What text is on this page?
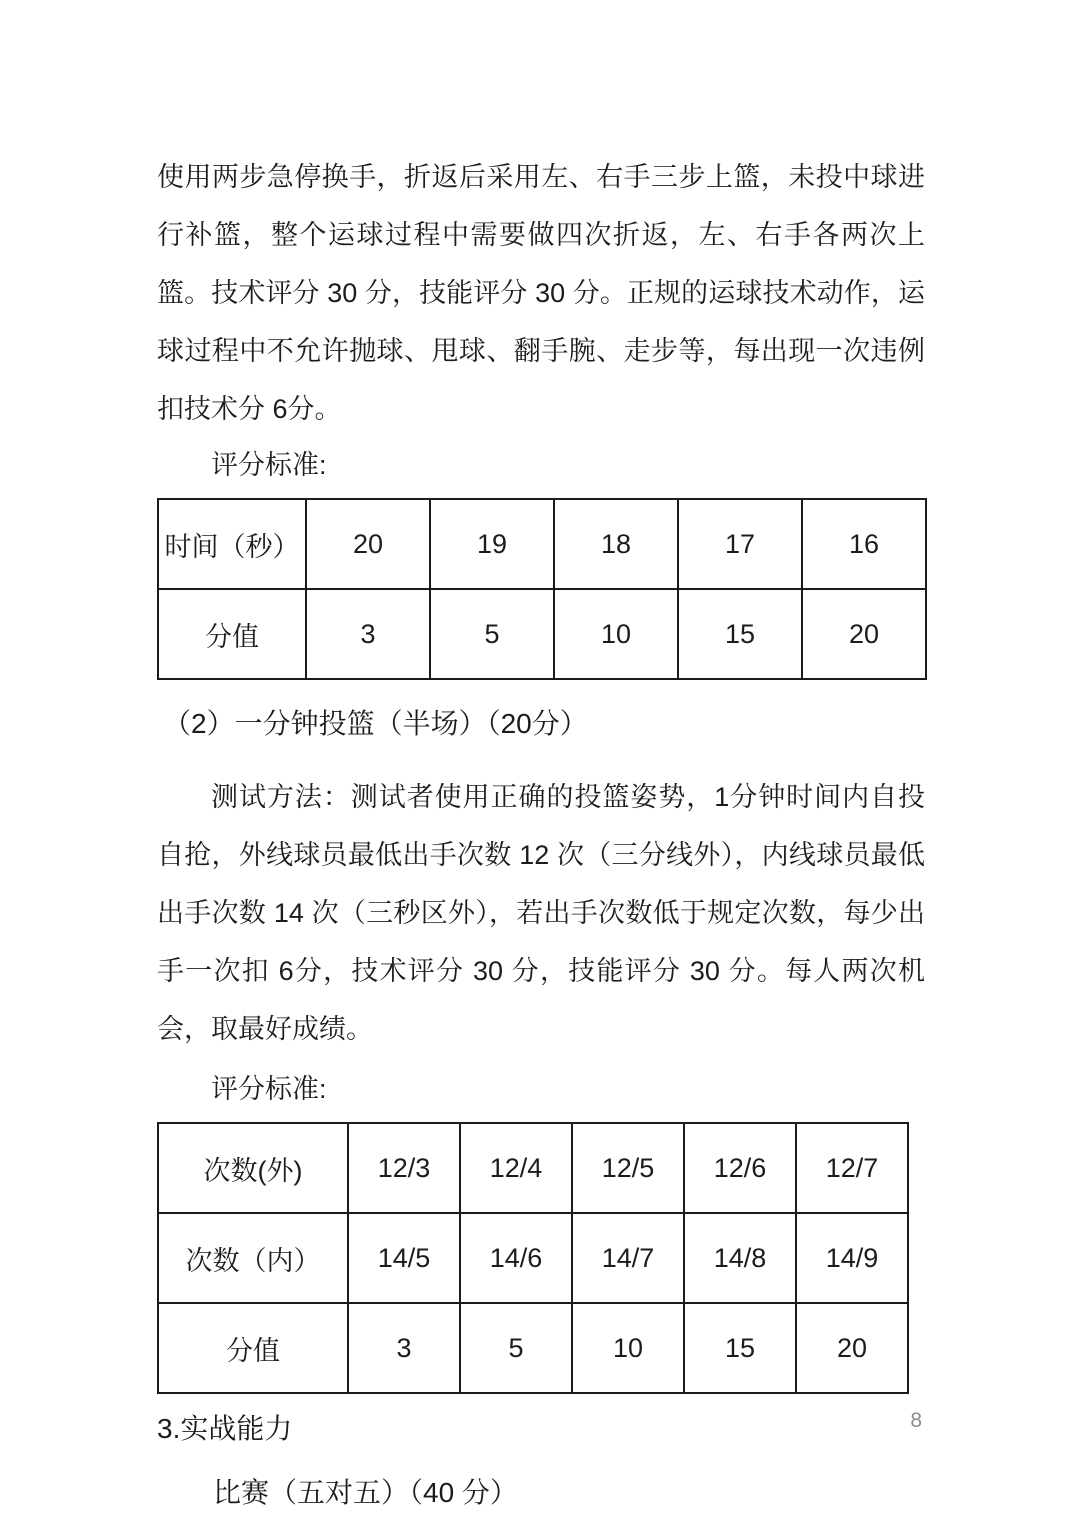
使用两步急停换手，折返后采用左、右手三步上篮，未投中球进行补篮，整个运球过程中需要做四次折返，左、右手各两次上篮。技术评分 30 分，技能评分 30 分。正规的运球技术动作，运球过程中不允许抛球、甩球、翻手腕、走步等，每出现一次违例扣技术分 6分。

评分标准:
时间（秒）	20	19	18	17	16
分值	3	5	10	15	20
（2）一分钟投篮（半场）（20分）

测试方法：测试者使用正确的投篮姿势，1分钟时间内自投自抢，外线球员最低出手次数 12 次（三分线外），内线球员最低出手次数 14 次（三秒区外），若出手次数低于规定次数，每少出手一次扣 6分，技术评分 30 分，技能评分 30 分。每人两次机会，取最好成绩。

评分标准:
次数(外)	12/3	12/4	12/5	12/6	12/7
次数（内）	14/5	14/6	14/7	14/8	14/9
分值	3	5	10	15	20
3.实战能力
比赛（五对五）（40 分）
8
